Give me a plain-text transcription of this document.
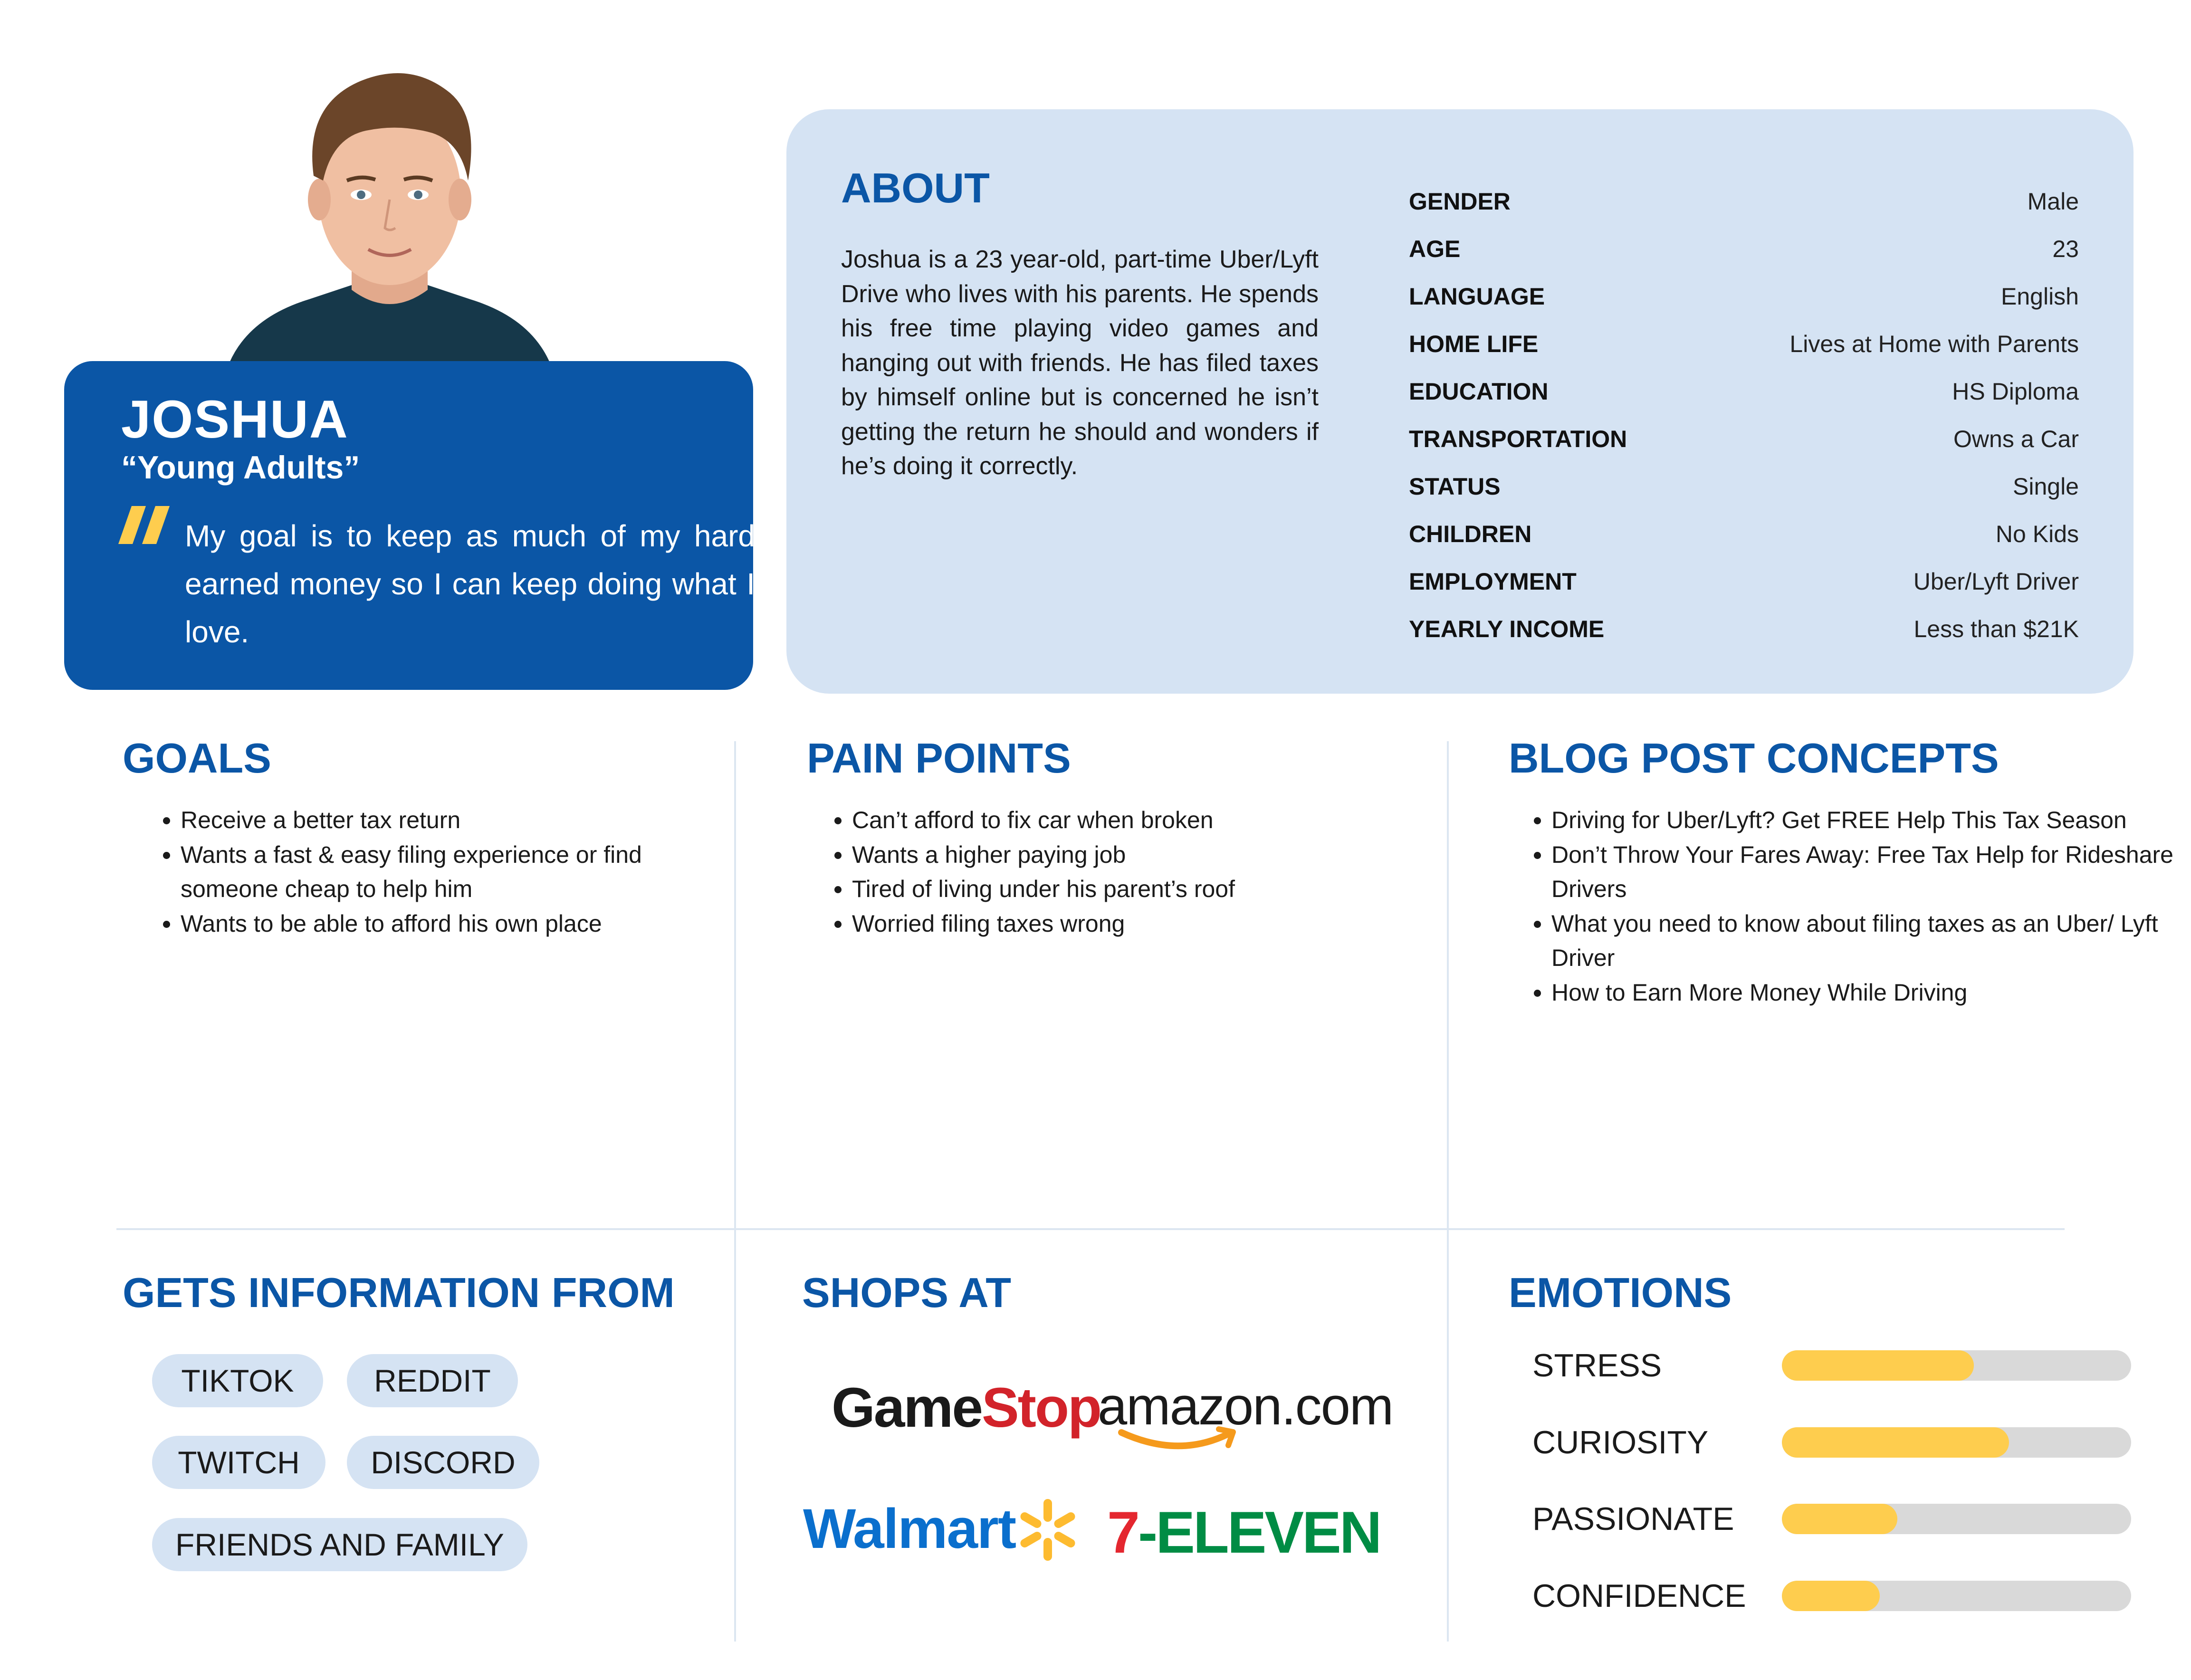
JOSHUA
“Young Adults”
My goal is to keep as much of my hard earned money so I can keep doing what I love.
ABOUT
Joshua is a 23 year-old, part-time Uber/Lyft Drive who lives with his parents. He spends his free time playing video games and hanging out with friends. He has filed taxes by himself online but is concerned he isn’t getting the return he should and wonders if he’s doing it correctly.
GENDER	Male
AGE	23
LANGUAGE	English
HOME LIFE	Lives at Home with Parents
EDUCATION	HS Diploma
TRANSPORTATION	Owns a Car
STATUS	Single
CHILDREN	No Kids
EMPLOYMENT	Uber/Lyft Driver
YEARLY INCOME	Less than $21K
GOALS
• Receive a better tax return
• Wants a fast & easy filing experience or find someone cheap to help him
• Wants to be able to afford his own place
PAIN POINTS
• Can’t afford to fix car when broken
• Wants a higher paying job
• Tired of living under his parent’s roof
• Worried filing taxes wrong
BLOG POST CONCEPTS
• Driving for Uber/Lyft? Get FREE Help This Tax Season
• Don’t Throw Your Fares Away: Free Tax Help for Rideshare Drivers
• What you need to know about filing taxes as an Uber/ Lyft Driver
• How to Earn More Money While Driving
GETS INFORMATION FROM
TIKTOK	REDDIT
TWITCH	DISCORD
FRIENDS AND FAMILY
SHOPS AT
GameStop
amazon.com
Walmart 7-ELEVEN
EMOTIONS
STRESS
CURIOSITY
PASSIONATE
CONFIDENCE
